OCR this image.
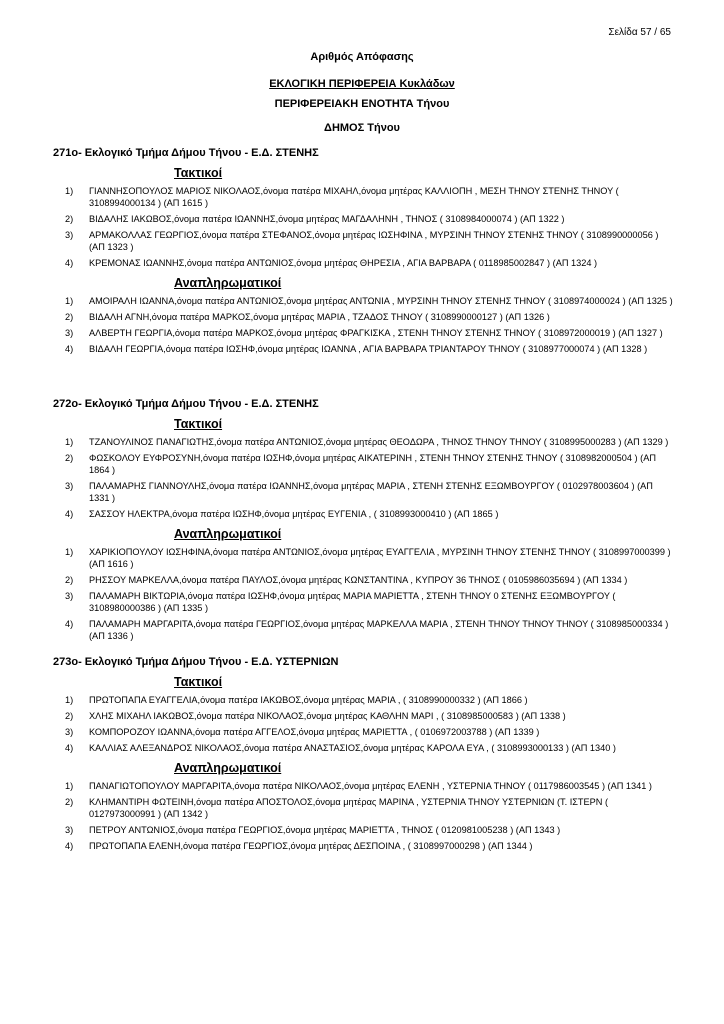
Σελίδα 57 / 65
Αριθμός Απόφασης
ΕΚΛΟΓΙΚΗ ΠΕΡΙΦΕΡΕΙΑ Κυκλάδων
ΠΕΡΙΦΕΡΕΙΑΚΗ ΕΝΟΤΗΤΑ Τήνου
ΔΗΜΟΣ Τήνου
271ο- Εκλογικό Τμήμα Δήμου Τήνου - Ε.Δ. ΣΤΕΝΗΣ
Τακτικοί
1) ΓΙΑΝΝΗΣΟΠΟΥΛΟΣ ΜΑΡΙΟΣ ΝΙΚΟΛΑΟΣ,όνομα πατέρα ΜΙΧΑΗΛ,όνομα μητέρας ΚΑΛΛΙΟΠΗ , ΜΕΣΗ ΤΗΝΟΥ ΣΤΕΝΗΣ ΤΗΝΟΥ ( 3108994000134 ) (ΑΠ 1615 )
2) ΒΙΔΑΛΗΣ ΙΑΚΩΒΟΣ,όνομα πατέρα ΙΩΑΝΝΗΣ,όνομα μητέρας ΜΑΓΔΑΛΗΝΗ , ΤΗΝΟΣ ( 3108984000074 ) (ΑΠ 1322 )
3) ΑΡΜΑΚΟΛΛΑΣ ΓΕΩΡΓΙΟΣ,όνομα πατέρα ΣΤΕΦΑΝΟΣ,όνομα μητέρας ΙΩΣΗΦΙΝΑ , ΜΥΡΣΙΝΗ ΤΗΝΟΥ ΣΤΕΝΗΣ ΤΗΝΟΥ ( 3108990000056 ) (ΑΠ 1323 )
4) ΚΡΕΜΟΝΑΣ ΙΩΑΝΝΗΣ,όνομα πατέρα ΑΝΤΩΝΙΟΣ,όνομα μητέρας ΘΗΡΕΣΙΑ , ΑΓΙΑ ΒΑΡΒΑΡΑ ( 0118985002847 ) (ΑΠ 1324 )
Αναπληρωματικοί
1) ΑΜΟΙΡΑΛΗ ΙΩΑΝΝΑ,όνομα πατέρα ΑΝΤΩΝΙΟΣ,όνομα μητέρας ΑΝΤΩΝΙΑ , ΜΥΡΣΙΝΗ ΤΗΝΟΥ ΣΤΕΝΗΣ ΤΗΝΟΥ ( 3108974000024 ) (ΑΠ 1325 )
2) ΒΙΔΑΛΗ ΑΓΝΗ,όνομα πατέρα ΜΑΡΚΟΣ,όνομα μητέρας ΜΑΡΙΑ , ΤΖΑΔΟΣ ΤΗΝΟΥ ( 3108990000127 ) (ΑΠ 1326 )
3) ΑΛΒΕΡΤΗ ΓΕΩΡΓΙΑ,όνομα πατέρα ΜΑΡΚΟΣ,όνομα μητέρας ΦΡΑΓΚΙΣΚΑ , ΣΤΕΝΗ ΤΗΝΟΥ ΣΤΕΝΗΣ ΤΗΝΟΥ ( 3108972000019 ) (ΑΠ 1327 )
4) ΒΙΔΑΛΗ ΓΕΩΡΓΙΑ,όνομα πατέρα ΙΩΣΗΦ,όνομα μητέρας ΙΩΑΝΝΑ , ΑΓΙΑ ΒΑΡΒΑΡΑ ΤΡΙΑΝΤΑΡΟΥ ΤΗΝΟΥ ( 3108977000074 ) (ΑΠ 1328 )
272ο- Εκλογικό Τμήμα Δήμου Τήνου - Ε.Δ. ΣΤΕΝΗΣ
Τακτικοί
1) ΤΖΑΝΟΥΛΙΝΟΣ ΠΑΝΑΓΙΩΤΗΣ,όνομα πατέρα ΑΝΤΩΝΙΟΣ,όνομα μητέρας ΘΕΟΔΩΡΑ , ΤΗΝΟΣ ΤΗΝΟΥ ΤΗΝΟΥ ( 3108995000283 ) (ΑΠ 1329 )
2) ΦΩΣΚΟΛΟΥ ΕΥΦΡΟΣΥΝΗ,όνομα πατέρα ΙΩΣΗΦ,όνομα μητέρας ΑΙΚΑΤΕΡΙΝΗ , ΣΤΕΝΗ ΤΗΝΟΥ ΣΤΕΝΗΣ ΤΗΝΟΥ ( 3108982000504 ) (ΑΠ 1864 )
3) ΠΑΛΑΜΑΡΗΣ ΓΙΑΝΝΟΥΛΗΣ,όνομα πατέρα ΙΩΑΝΝΗΣ,όνομα μητέρας ΜΑΡΙΑ , ΣΤΕΝΗ ΣΤΕΝΗΣ ΕΞΩΜΒΟΥΡΓΟΥ ( 0102978003604 ) (ΑΠ 1331 )
4) ΣΑΣΣΟΥ ΗΛΕΚΤΡΑ,όνομα πατέρα ΙΩΣΗΦ,όνομα μητέρας ΕΥΓΕΝΙΑ , ( 3108993000410 ) (ΑΠ 1865 )
Αναπληρωματικοί
1) ΧΑΡΙΚΙΟΠΟΥΛΟΥ ΙΩΣΗΦΙΝΑ,όνομα πατέρα ΑΝΤΩΝΙΟΣ,όνομα μητέρας ΕΥΑΓΓΕΛΙΑ , ΜΥΡΣΙΝΗ ΤΗΝΟΥ ΣΤΕΝΗΣ ΤΗΝΟΥ ( 3108997000399 ) (ΑΠ 1616 )
2) ΡΗΣΣΟΥ ΜΑΡΚΕΛΛΑ,όνομα πατέρα ΠΑΥΛΟΣ,όνομα μητέρας ΚΩΝΣΤΑΝΤΙΝΑ , ΚΥΠΡΟΥ 36 ΤΗΝΟΣ ( 0105986035694 ) (ΑΠ 1334 )
3) ΠΑΛΑΜΑΡΗ ΒΙΚΤΩΡΙΑ,όνομα πατέρα ΙΩΣΗΦ,όνομα μητέρας ΜΑΡΙΑ ΜΑΡΙΕΤΤΑ , ΣΤΕΝΗ ΤΗΝΟΥ 0 ΣΤΕΝΗΣ ΕΞΩΜΒΟΥΡΓΟΥ ( 3108980000386 ) (ΑΠ 1335 )
4) ΠΑΛΑΜΑΡΗ ΜΑΡΓΑΡΙΤΑ,όνομα πατέρα ΓΕΩΡΓΙΟΣ,όνομα μητέρας ΜΑΡΚΕΛΛΑ ΜΑΡΙΑ , ΣΤΕΝΗ ΤΗΝΟΥ ΤΗΝΟΥ ΤΗΝΟΥ ( 3108985000334 ) (ΑΠ 1336 )
273ο- Εκλογικό Τμήμα Δήμου Τήνου - Ε.Δ. ΥΣΤΕΡΝΙΩΝ
Τακτικοί
1) ΠΡΩΤΟΠΑΠΑ ΕΥΑΓΓΕΛΙΑ,όνομα πατέρα ΙΑΚΩΒΟΣ,όνομα μητέρας ΜΑΡΙΑ , ( 3108990000332 ) (ΑΠ 1866 )
2) ΧΛΗΣ ΜΙΧΑΗΛ ΙΑΚΩΒΟΣ,όνομα πατέρα ΝΙΚΟΛΑΟΣ,όνομα μητέρας ΚΑΘΛΗΝ ΜΑΡΙ , ( 3108985000583 ) (ΑΠ 1338 )
3) ΚΟΜΠΟΡΟΖΟΥ ΙΩΑΝΝΑ,όνομα πατέρα ΑΓΓΕΛΟΣ,όνομα μητέρας ΜΑΡΙΕΤΤΑ , ( 0106972003788 ) (ΑΠ 1339 )
4) ΚΑΛΛΙΑΣ ΑΛΕΞΑΝΔΡΟΣ ΝΙΚΟΛΑΟΣ,όνομα πατέρα ΑΝΑΣΤΑΣΙΟΣ,όνομα μητέρας ΚΑΡΟΛΑ ΕΥΑ , ( 3108993000133 ) (ΑΠ 1340 )
Αναπληρωματικοί
1) ΠΑΝΑΓΙΩΤΟΠΟΥΛΟΥ ΜΑΡΓΑΡΙΤΑ,όνομα πατέρα ΝΙΚΟΛΑΟΣ,όνομα μητέρας ΕΛΕΝΗ , ΥΣΤΕΡΝΙΑ ΤΗΝΟΥ ( 0117986003545 ) (ΑΠ 1341 )
2) ΚΛΗΜΑΝΤΙΡΗ ΦΩΤΕΙΝΗ,όνομα πατέρα ΑΠΟΣΤΟΛΟΣ,όνομα μητέρας ΜΑΡΙΝΑ , ΥΣΤΕΡΝΙΑ ΤΗΝΟΥ ΥΣΤΕΡΝΙΩΝ (Τ. ΙΣΤΕΡΝ ( 0127973000991 ) (ΑΠ 1342 )
3) ΠΕΤΡΟΥ ΑΝΤΩΝΙΟΣ,όνομα πατέρα ΓΕΩΡΓΙΟΣ,όνομα μητέρας ΜΑΡΙΕΤΤΑ , ΤΗΝΟΣ ( 0120981005238 ) (ΑΠ 1343 )
4) ΠΡΩΤΟΠΑΠΑ ΕΛΕΝΗ,όνομα πατέρα ΓΕΩΡΓΙΟΣ,όνομα μητέρας ΔΕΣΠΟΙΝΑ , ( 3108997000298 ) (ΑΠ 1344 )
